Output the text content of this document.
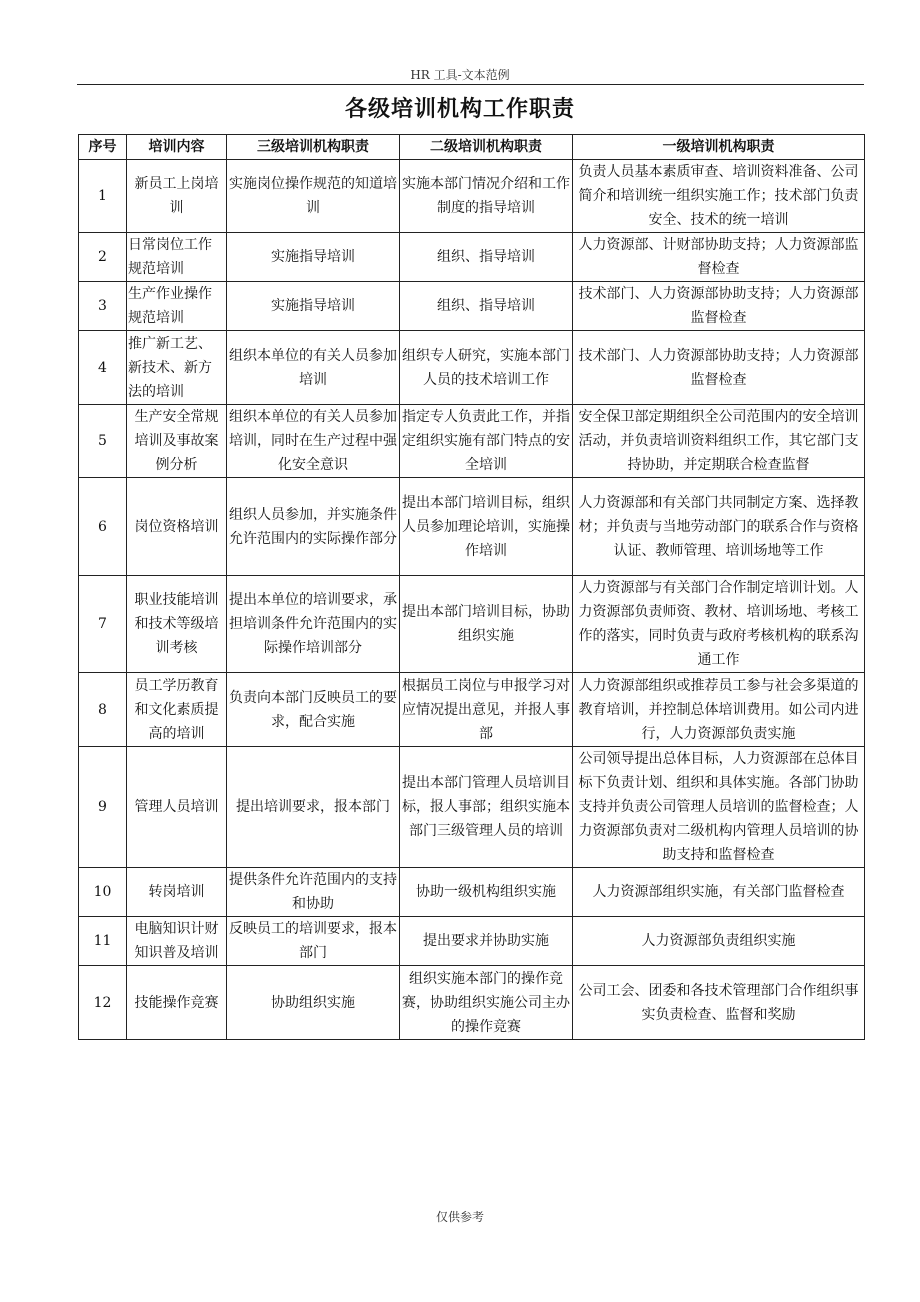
HR 工具-文本范例
各级培训机构工作职责
序号	培训内容	三级培训机构职责	二级培训机构职责	一级培训机构职责
1	新员工上岗培训	实施岗位操作规范的知道培训	实施本部门情况介绍和工作制度的指导培训	负责人员基本素质审查、培训资料准备、公司简介和培训统一组织实施工作；技术部门负责安全、技术的统一培训
2	日常岗位工作规范培训	实施指导培训	组织、指导培训	人力资源部、计财部协助支持；人力资源部监督检查
3	生产作业操作规范培训	实施指导培训	组织、指导培训	技术部门、人力资源部协助支持；人力资源部监督检查
4	推广新工艺、新技术、新方法的培训	组织本单位的有关人员参加培训	组织专人研究，实施本部门人员的技术培训工作	技术部门、人力资源部协助支持；人力资源部监督检查
5	生产安全常规培训及事故案例分析	组织本单位的有关人员参加培训，同时在生产过程中强化安全意识	指定专人负责此工作，并指定组织实施有部门特点的安全培训	安全保卫部定期组织全公司范围内的安全培训活动，并负责培训资料组织工作，其它部门支持协助，并定期联合检查监督
6	岗位资格培训	组织人员参加，并实施条件允许范围内的实际操作部分	提出本部门培训目标，组织人员参加理论培训，实施操作培训	人力资源部和有关部门共同制定方案、选择教材；并负责与当地劳动部门的联系合作与资格认证、教师管理、培训场地等工作
7	职业技能培训和技术等级培训考核	提出本单位的培训要求，承担培训条件允许范围内的实际操作培训部分	提出本部门培训目标，协助组织实施	人力资源部与有关部门合作制定培训计划。人力资源部负责师资、教材、培训场地、考核工作的落实，同时负责与政府考核机构的联系沟通工作
8	员工学历教育和文化素质提高的培训	负责向本部门反映员工的要求，配合实施	根据员工岗位与申报学习对应情况提出意见，并报人事部	人力资源部组织或推荐员工参与社会多渠道的教育培训，并控制总体培训费用。如公司内进行，人力资源部负责实施
9	管理人员培训	提出培训要求，报本部门	提出本部门管理人员培训目标，报人事部；组织实施本部门三级管理人员的培训	公司领导提出总体目标，人力资源部在总体目标下负责计划、组织和具体实施。各部门协助支持并负责公司管理人员培训的监督检查；人力资源部负责对二级机构内管理人员培训的协助支持和监督检查
10	转岗培训	提供条件允许范围内的支持和协助	协助一级机构组织实施	人力资源部组织实施，有关部门监督检查
11	电脑知识计财知识普及培训	反映员工的培训要求，报本部门	提出要求并协助实施	人力资源部负责组织实施
12	技能操作竞赛	协助组织实施	组织实施本部门的操作竞赛，协助组织实施公司主办的操作竞赛	公司工会、团委和各技术管理部门合作组织事实负责检查、监督和奖励
仅供参考
